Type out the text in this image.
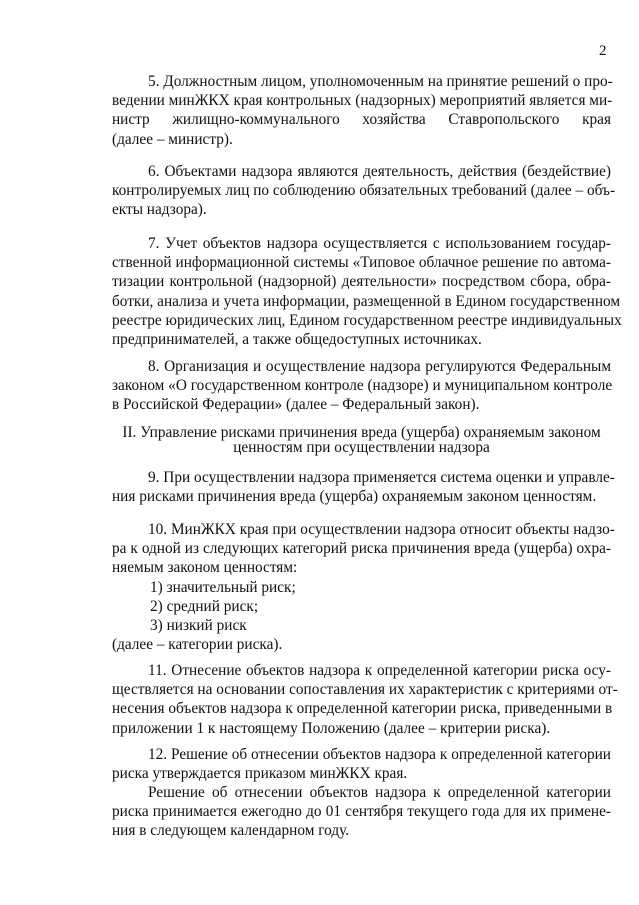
2
5. Должностным лицом, уполномоченным на принятие решений о про-
ведении минЖКХ края контрольных (надзорных) мероприятий является ми-
нистр жилищно-коммунального хозяйства Ставропольского края
(далее – министр).
6. Объектами надзора являются деятельность, действия (бездействие)
контролируемых лиц по соблюдению обязательных требований (далее – объ-
екты надзора).
7. Учет объектов надзора осуществляется с использованием государ-
ственной информационной системы «Типовое облачное решение по автома-
тизации контрольной (надзорной) деятельности» посредством сбора, обра-
ботки, анализа и учета информации, размещенной в Едином государственном
реестре юридических лиц, Едином государственном реестре индивидуальных
предпринимателей, а также общедоступных источниках.
8. Организация и осуществление надзора регулируются Федеральным
законом «О государственном контроле (надзоре) и муниципальном контроле
в Российской Федерации» (далее – Федеральный закон).
II. Управление рисками причинения вреда (ущерба) охраняемым законом
ценностям при осуществлении надзора
9. При осуществлении надзора применяется система оценки и управле-
ния рисками причинения вреда (ущерба) охраняемым законом ценностям.
10. МинЖКХ края при осуществлении надзора относит объекты надзо-
ра к одной из следующих категорий риска причинения вреда (ущерба) охра-
няемым законом ценностям:
1) значительный риск;
2) средний риск;
3) низкий риск
(далее – категории риска).
11. Отнесение объектов надзора к определенной категории риска осу-
ществляется на основании сопоставления их характеристик с критериями от-
несения объектов надзора к определенной категории риска, приведенными в
приложении 1 к настоящему Положению (далее – критерии риска).
12. Решение об отнесении объектов надзора к определенной категории
риска утверждается приказом минЖКХ края.
Решение об отнесении объектов надзора к определенной категории
риска принимается ежегодно до 01 сентября текущего года для их примене-
ния в следующем календарном году.
